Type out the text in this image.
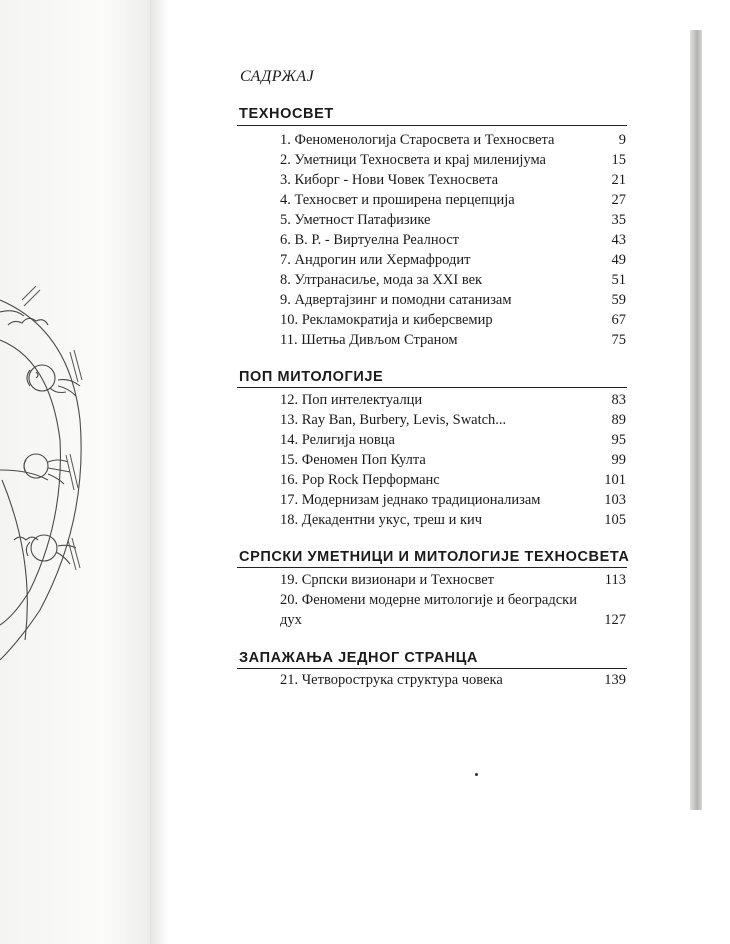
САДРЖАЈ
ТЕХНОСВЕТ
1. Феноменологија Старосвета и Техносвета	9
2. Уметници Техносвета и крај миленијума	15
3. Киборг - Нови Човек Техносвета	21
4. Техносвет и проширена перцепција	27
5. Уметност Патафизике	35
6. В. Р. - Виртуелна Реалност	43
7. Андрогин или Хермафродит	49
8. Ултранасиље, мода за XXI век	51
9. Адвертајзинг и помодни сатанизам	59
10. Рекламократија и киберсвемир	67
11. Шетња Дивљом Страном	75
ПОП МИТОЛОГИЈЕ
12. Поп интелектуалци	83
13. Ray Ban, Burbery, Levis, Swatch...	89
14. Религија новца	95
15. Феномен Поп Култа	99
16. Pop Rock Перформанс	101
17. Модернизам једнако традиционализам	103
18. Декадентни укус, треш и кич	105
СРПСКИ УМЕТНИЦИ И МИТОЛОГИЈЕ ТЕХНОСВЕТА
19. Српски визионари и Техносвет	113
20. Феномени модерне митологије и београдски дух	127
ЗАПАЖАЊА ЈЕДНОГ СТРАНЦА
21. Четворострука структура човека	139
